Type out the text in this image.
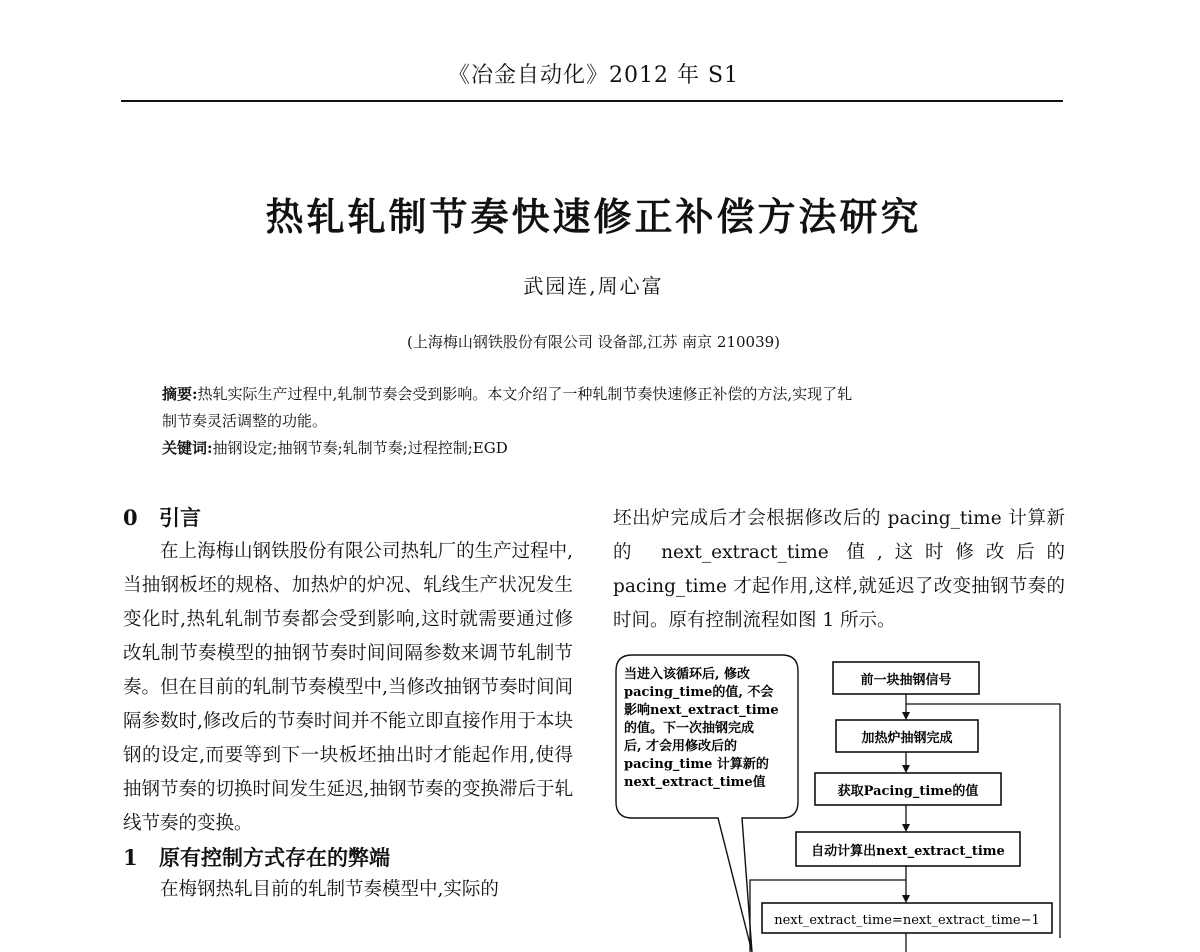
《冶金自动化》2012 年 S1
热轧轧制节奏快速修正补偿方法研究
武园连,周心富
(上海梅山钢铁股份有限公司 设备部,江苏 南京 210039)

摘要:热轧实际生产过程中,轧制节奏会受到影响。本文介绍了一种轧制节奏快速修正补偿的方法,实现了轧

制节奏灵活调整的功能。

关键词:抽钢设定;抽钢节奏;轧制节奏;过程控制;EGD

0 引言

在上海梅山钢铁股份有限公司热轧厂的生产过程中,当抽钢板坯的规格、加热炉的炉况、轧线生产状况发生变化时,热轧轧制节奏都会受到影响,这时就需要通过修改轧制节奏模型的抽钢节奏时间间隔参数来调节轧制节奏。但在目前的轧制节奏模型中,当修改抽钢节奏时间间隔参数时,修改后的节奏时间并不能立即直接作用于本块钢的设定,而要等到下一块板坯抽出时才能起作用,使得抽钢节奏的切换时间发生延迟,抽钢节奏的变换滞后于轧线节奏的变换。

1 原有控制方式存在的弊端

在梅钢热轧目前的轧制节奏模型中,实际的

坯出炉完成后才会根据修改后的 pacing_time 计算新的 next_extract_time 值,这时修改后的 pacing_time 才起作用,这样,就延迟了改变抽钢节奏的时间。原有控制流程如图 1 所示。

当进入该循环后, 修改
pacing_time的值, 不会
影响next_extract_time
的值。下一次抽钢完成
后, 才会用修改后的
pacing_time 计算新的
next_extract_time值
前一块抽钢信号
加热炉抽钢完成
获取Pacing_time的值
自动计算出next_extract_time
next_extract_time=next_extract_time−1
